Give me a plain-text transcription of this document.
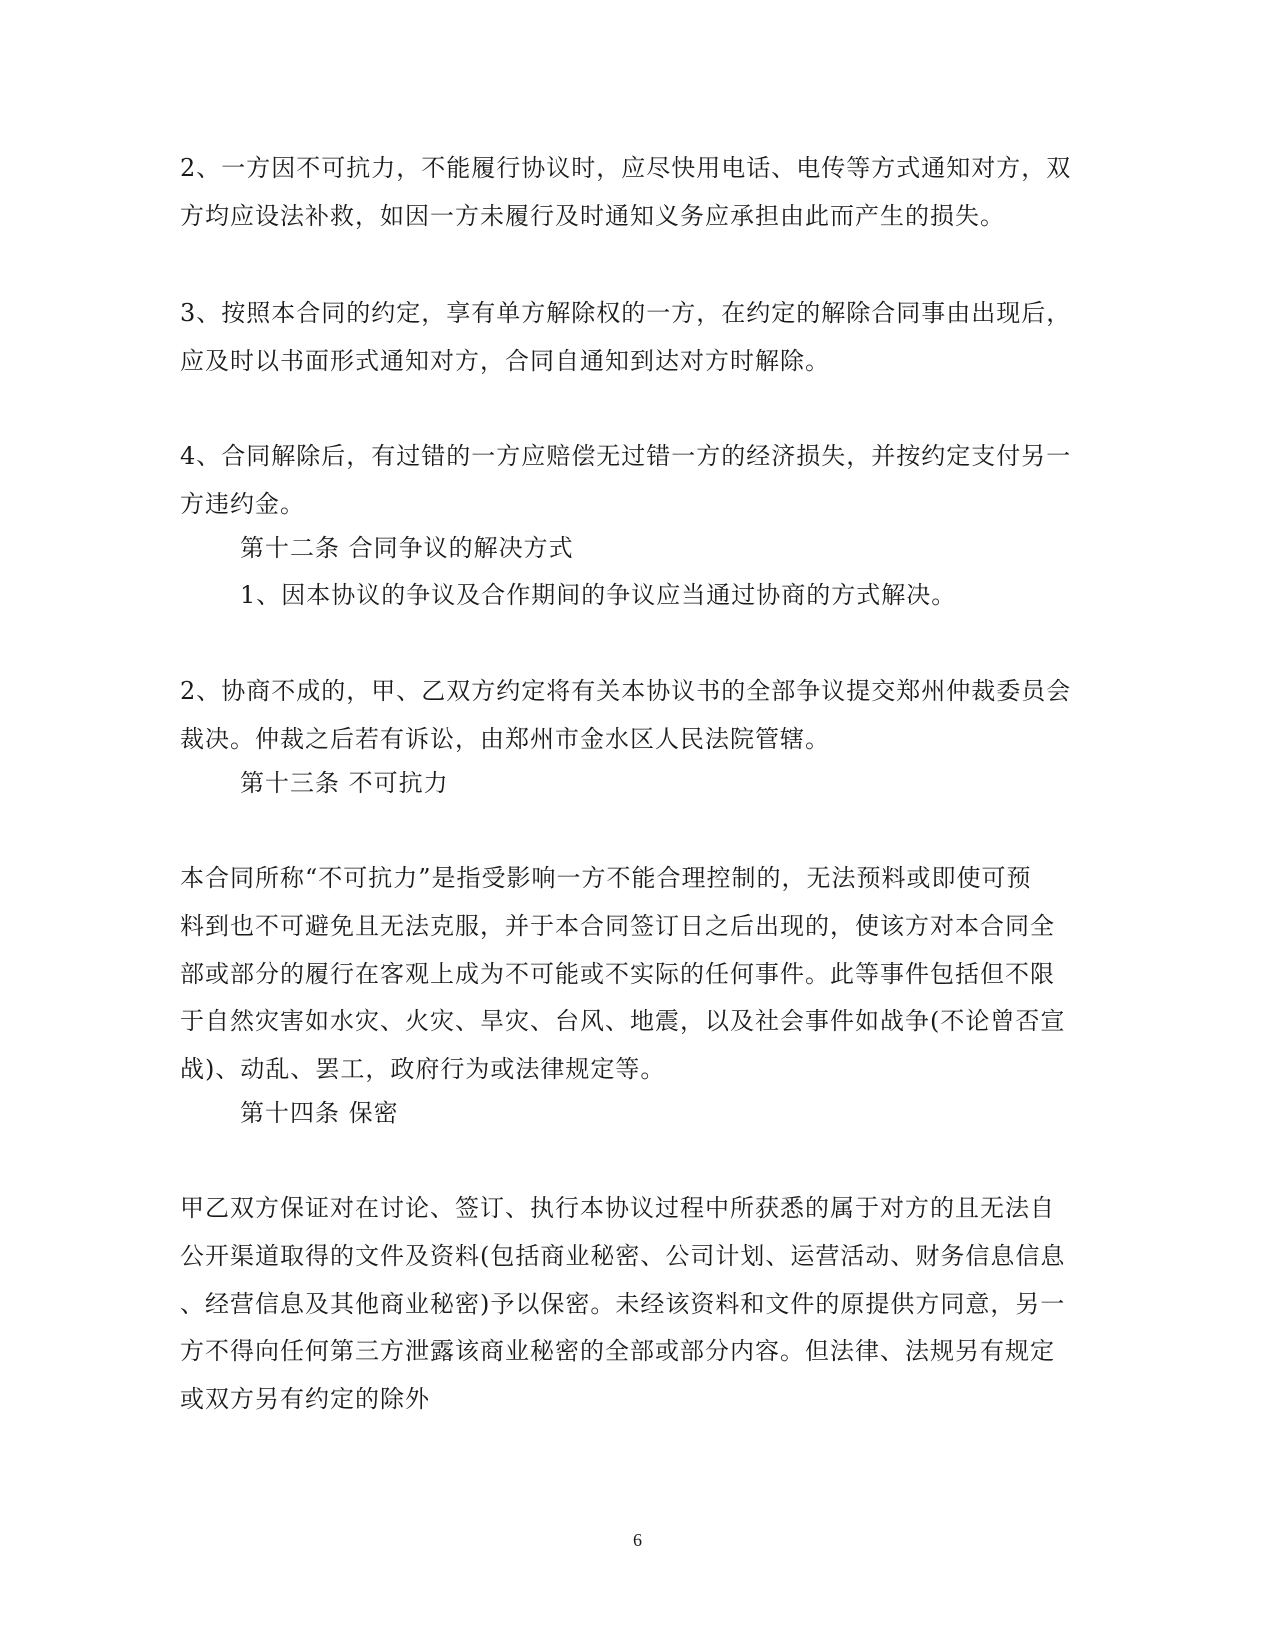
2、一方因不可抗力，不能履行协议时，应尽快用电话、电传等方式通知对方，双
方均应设法补救，如因一方未履行及时通知义务应承担由此而产生的损失。
3、按照本合同的约定，享有单方解除权的一方，在约定的解除合同事由出现后，
应及时以书面形式通知对方，合同自通知到达对方时解除。
4、合同解除后，有过错的一方应赔偿无过错一方的经济损失，并按约定支付另一
方违约金。
第十二条 合同争议的解决方式
1、因本协议的争议及合作期间的争议应当通过协商的方式解决。
2、协商不成的，甲、乙双方约定将有关本协议书的全部争议提交郑州仲裁委员会
裁决。仲裁之后若有诉讼，由郑州市金水区人民法院管辖。
第十三条 不可抗力
本合同所称“不可抗力”是指受影响一方不能合理控制的，无法预料或即使可预
料到也不可避免且无法克服，并于本合同签订日之后出现的，使该方对本合同全
部或部分的履行在客观上成为不可能或不实际的任何事件。此等事件包括但不限
于自然灾害如水灾、火灾、旱灾、台风、地震，以及社会事件如战争(不论曾否宣
战)、动乱、罢工，政府行为或法律规定等。
第十四条 保密
甲乙双方保证对在讨论、签订、执行本协议过程中所获悉的属于对方的且无法自
公开渠道取得的文件及资料(包括商业秘密、公司计划、运营活动、财务信息信息
、经营信息及其他商业秘密)予以保密。未经该资料和文件的原提供方同意，另一
方不得向任何第三方泄露该商业秘密的全部或部分内容。但法律、法规另有规定
或双方另有约定的除外
6
